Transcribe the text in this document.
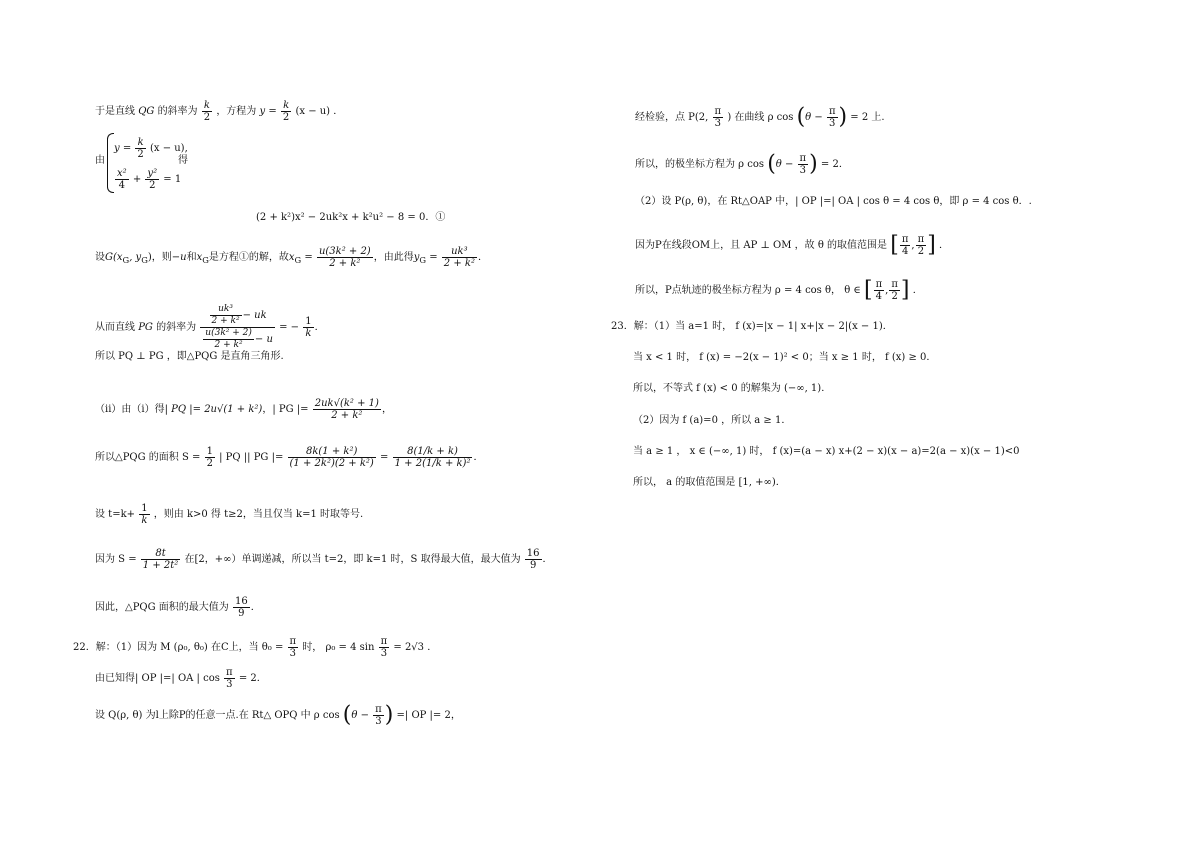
于是直线 QG 的斜率为 $\frac{k}{2}$ ，方程为 $y = \frac{k}{2} (x - u)$ ．
由
$y = \frac{k}{2} (x - u)$,
$\frac{\text{x²}}{4} + \frac{\text{y²}}{2} = 1$
得
(2 + k²)x² − 2uk²x + k²u² − 8 = 0．①
设$G(x_G$, $y_G$)，则−u和$x_G$是方程①的解，故$x_G = \frac{\text{u(3k² + 2)}}{\text{2 + k²}}$ ，由此得$y_G = \frac{\text{uk³}}{\text{2 + k²}}$ ．
从而直线 PG 的斜率为 $\frac{\frac{\text{uk³}}{\text{2 + k²}} - uk}{\frac{\text{u(3k² + 2)}}{\text{2 + k²}} - u}$ = − $\frac{1}{k}$ ．
所以 PQ ⊥ PG ，即△PQG 是直角三角形.
（ii）由（i）得| PQ |= 2u√(1 + k²)，| PG |= $\frac{\text{2uk√(k² + 1)}}{\text{2 + k²}}$ ，
所以△PQG 的面积 $S = \frac{1}{2}$ | PQ || PG |= $\frac{\text{8k(1 + k²)}}{\text{(1 + 2k²)(2 + k²)}} = \frac{8(1/k + k)}{\text{1 + 2(1/k + k)²}}$ ．
设 $t=k+ \frac{1}{k}$ ，则由 k>0 得 t≥2，当且仅当 k=1 时取等号.
因为 $S = \frac{8t}{\text{1 + 2t²}}$ 在[2，+∞）单调递减，所以当 t=2，即 k=1 时，S 取得最大值，最大值为 $\frac{16}{9}$ ．
因此，△PQG 面积的最大值为 $\frac{16}{9}$ ．
22．解：（1）因为 M (ρ₀, θ₀) 在C上，当 $\theta_0 = \frac{\pi}{3}$ 时， ρ₀ = 4 $\sin \frac{\pi}{3} = 2√3$ ．
由已知得| OP |=| OA | $\cos \frac{\pi}{3} = 2$．
设 Q(ρ, θ) 为l上除P的任意一点.在 Rt△ OPQ 中 ρ $\cos (\theta - \frac{\pi}{3}$ ) =| OP |= 2，
经检验，点 P(2, $\frac{\pi}{3}$ ) 在曲线 ρ $\cos (\theta - \frac{\pi}{3}$ ) = 2 上.
所以，的极坐标方程为 ρ $\cos (\theta - \frac{\pi}{3}$ ) = 2．
（2）设 P(ρ, θ)，在 Rt△OAP 中，| OP |=| OA | cos θ = 4 cos θ，即 ρ = 4 cos θ．.
因为P在线段OM上，且 AP ⊥ OM ，故 θ 的取值范围是 [ $\frac{\pi}{4}$ , $\frac{\pi}{2}$ ] ．
所以，P点轨迹的极坐标方程为 ρ = 4 cos θ， θ ∈ [ $\frac{\pi}{4}$ , $\frac{\pi}{2}$ ] ．
23．解：（1）当 a=1 时， f (x)=|x − 1| x+|x − 2|(x − 1)．
当 x < 1 时， f (x) = −2(x − 1)² < 0；当 x ≥ 1 时， f (x) ≥ 0．
所以，不等式 f (x) < 0 的解集为 (−∞, 1)．
（2）因为 f (a)=0 ，所以 a ≥ 1．
当 a ≥ 1 ， x ∈ (−∞, 1) 时， f (x)=(a − x) x+(2 − x)(x − a)=2(a − x)(x − 1)<0
所以， a 的取值范围是 [1, +∞)．
